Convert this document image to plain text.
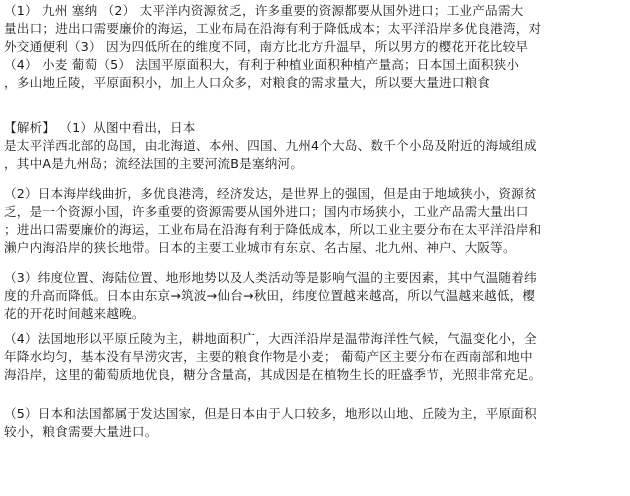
（1） 九州 塞纳 （2） 太平洋内资源贫乏，许多重要的资源都要从国外进口；工业产品需大
量出口；进出口需要廉价的海运，工业布局在沿海有利于降低成本；太平洋沿岸多优良港湾，对
外交通便利（3） 因为四低所在的维度不同，南方比北方升温早，所以男方的樱花开花比较早
（4） 小麦 葡萄（5） 法国平原面积大，有利于种植业面积种植产量高；日本国土面积狭小
，多山地丘陵，平原面积小，加上人口众多，对粮食的需求量大，所以要大量进口粮食
【解析】 （1）从图中看出，日本
是太平洋西北部的岛国，由北海道、本州、四国、九州4个大岛、数千个小岛及附近的海域组成
，其中A是九州岛；流经法国的主要河流B是塞纳河。
（2）日本海岸线曲折，多优良港湾，经济发达，是世界上的强国，但是由于地域狭小，资源贫
乏，是一个资源小国，许多重要的资源需要从国外进口；国内市场狭小，工业产品需大量出口
；进出口需要廉价的海运，工业布局在沿海有利于降低成本，所以工业主要分布在太平洋沿岸和
濑户内海沿岸的狭长地带。日本的主要工业城市有东京、名古屋、北九州、神户、大阪等。
（3）纬度位置、海陆位置、地形地势以及人类活动等是影响气温的主要因素，其中气温随着纬
度的升高而降低。日本由东京→筑波→仙台→秋田，纬度位置越来越高，所以气温越来越低，樱
花的开花时间越来越晚。
（4）法国地形以平原丘陵为主，耕地面积广，大西洋沿岸是温带海洋性气候，气温变化小，全
年降水均匀，基本没有旱涝灾害，主要的粮食作物是小麦； 葡萄产区主要分布在西南部和地中
海沿岸，这里的葡萄质地优良，糖分含量高，其成因是在植物生长的旺盛季节，光照非常充足。
（5）日本和法国都属于发达国家，但是日本由于人口较多，地形以山地、丘陵为主，平原面积
较小，粮食需要大量进口。
